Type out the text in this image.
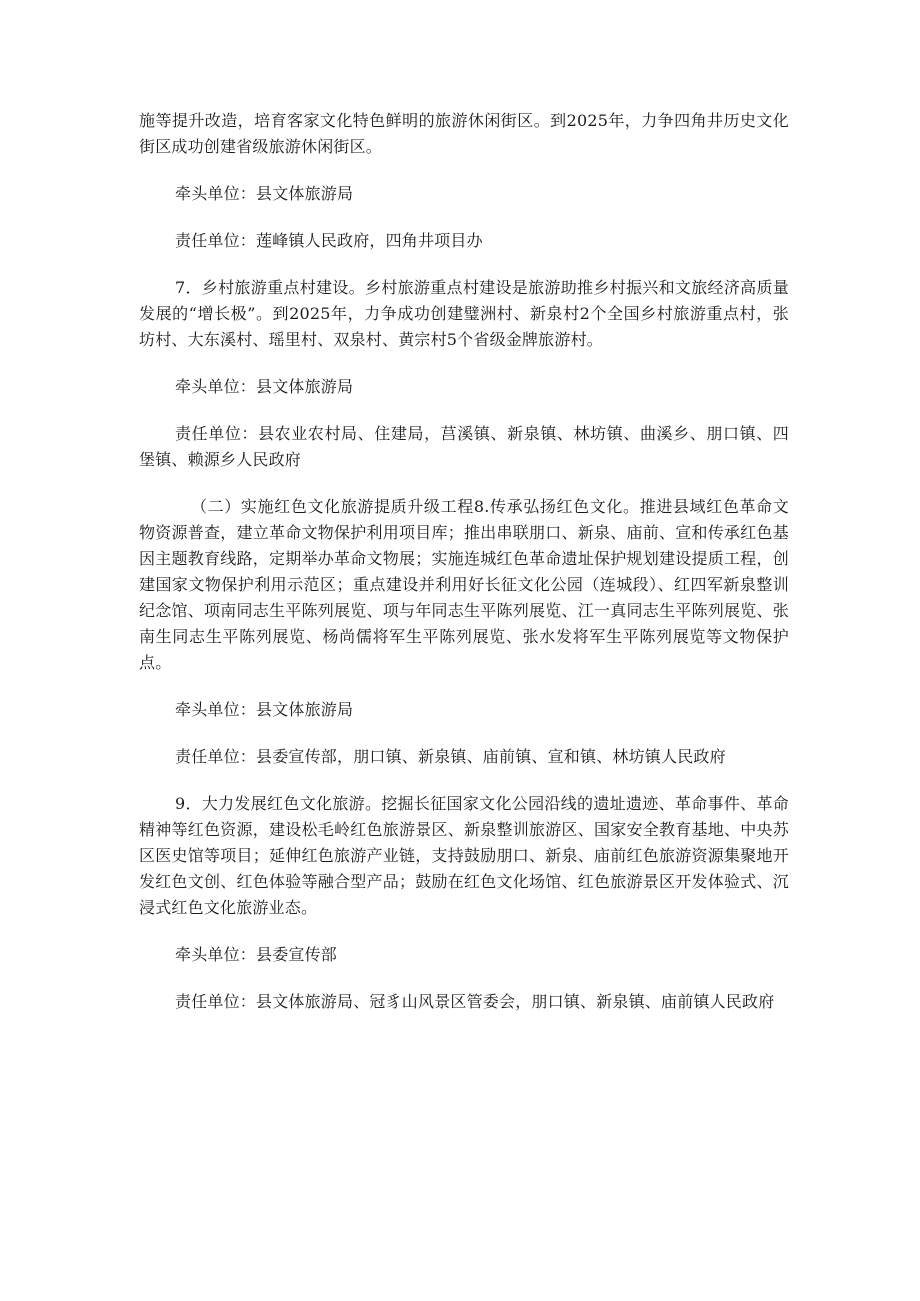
施等提升改造，培育客家文化特色鲜明的旅游休闲街区。到2025年，力争四角井历史文化街区成功创建省级旅游休闲街区。

牵头单位：县文体旅游局

责任单位：莲峰镇人民政府，四角井项目办

7．乡村旅游重点村建设。乡村旅游重点村建设是旅游助推乡村振兴和文旅经济高质量发展的“增长极”。到2025年，力争成功创建璧洲村、新泉村2个全国乡村旅游重点村，张坊村、大东溪村、瑶里村、双泉村、黄宗村5个省级金牌旅游村。

牵头单位：县文体旅游局

责任单位：县农业农村局、住建局，莒溪镇、新泉镇、林坊镇、曲溪乡、朋口镇、四堡镇、赖源乡人民政府

（二）实施红色文化旅游提质升级工程8.传承弘扬红色文化。推进县域红色革命文物资源普查，建立革命文物保护利用项目库；推出串联朋口、新泉、庙前、宣和传承红色基因主题教育线路，定期举办革命文物展；实施连城红色革命遗址保护规划建设提质工程，创建国家文物保护利用示范区；重点建设并利用好长征文化公园（连城段）、红四军新泉整训纪念馆、项南同志生平陈列展览、项与年同志生平陈列展览、江一真同志生平陈列展览、张南生同志生平陈列展览、杨尚儒将军生平陈列展览、张水发将军生平陈列展览等文物保护点。

牵头单位：县文体旅游局

责任单位：县委宣传部，朋口镇、新泉镇、庙前镇、宣和镇、林坊镇人民政府

9．大力发展红色文化旅游。挖掘长征国家文化公园沿线的遗址遗迹、革命事件、革命精神等红色资源，建设松毛岭红色旅游景区、新泉整训旅游区、国家安全教育基地、中央苏区医史馆等项目；延伸红色旅游产业链，支持鼓励朋口、新泉、庙前红色旅游资源集聚地开发红色文创、红色体验等融合型产品；鼓励在红色文化场馆、红色旅游景区开发体验式、沉浸式红色文化旅游业态。

牵头单位：县委宣传部

责任单位：县文体旅游局、冠豸山风景区管委会，朋口镇、新泉镇、庙前镇人民政府
